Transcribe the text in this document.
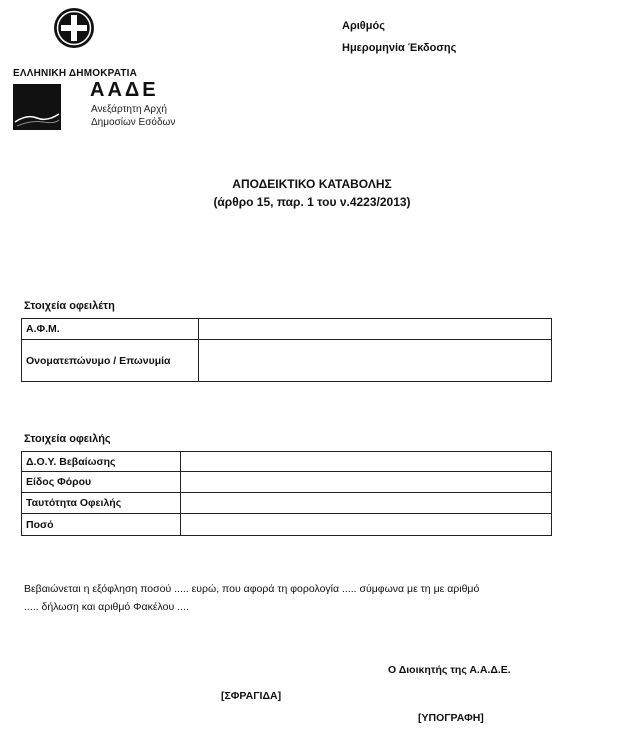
Αριθμός
Ημερομηνία Έκδοσης
ΕΛΛΗΝΙΚΗ ΔΗΜΟΚΡΑΤΙΑ
ΑΑΔΕ
Ανεξάρτητη Αρχή
Δημοσίων Εσόδων
ΑΠΟΔΕΙΚΤΙΚΟ ΚΑΤΑΒΟΛΗΣ
(άρθρο 15, παρ. 1 του ν.4223/2013)
Στοιχεία οφειλέτη
Α.Φ.Μ.	
Ονοματεπώνυμο / Επωνυμία	
Στοιχεία οφειλής
Δ.Ο.Υ. Βεβαίωσης	
Είδος Φόρου	
Ταυτότητα Οφειλής	
Ποσό	
Βεβαιώνεται η εξόφληση ποσού ..... ευρώ, που αφορά τη φορολογία ..... σύμφωνα με τη με αριθμό
..... δήλωση και αριθμό Φακέλου ....
Ο Διοικητής της Α.Α.Δ.Ε.
[ΣΦΡΑΓΙΔΑ]
[ΥΠΟΓΡΑΦΗ]
